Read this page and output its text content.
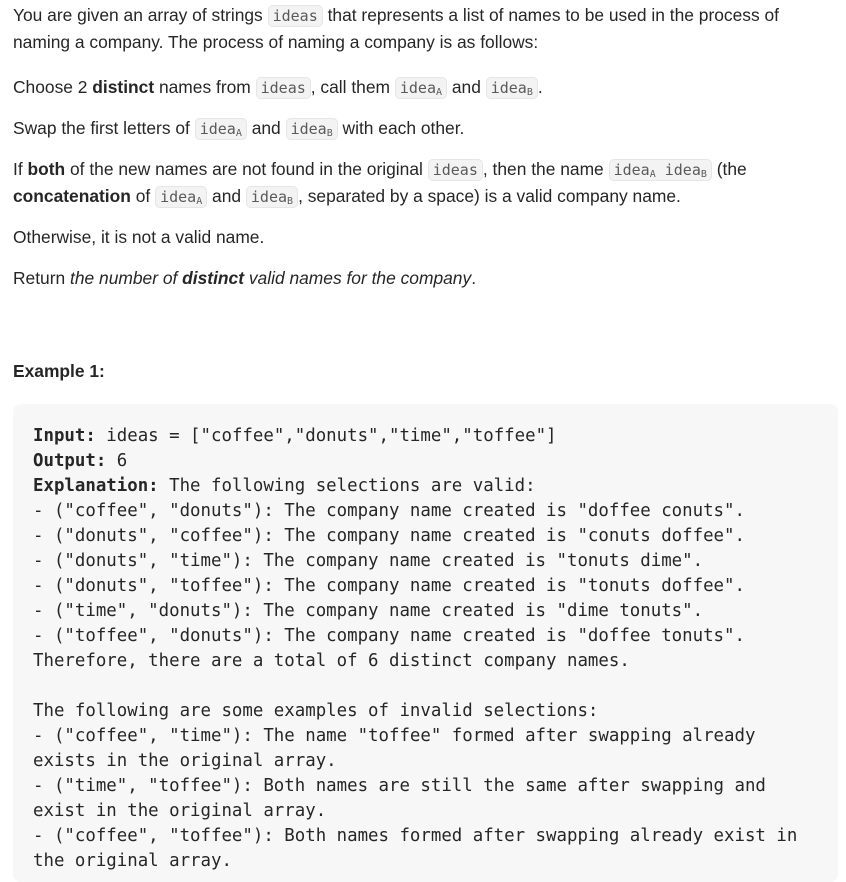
You are given an array of strings ideas that represents a list of names to be used in the process of naming a company. The process of naming a company is as follows:

Choose 2 distinct names from ideas , call them idea$_A$ and idea$_B$ .

Swap the first letters of idea$_A$ and idea$_B$ with each other.

If both of the new names are not found in the original ideas , then the name idea$_A$ idea$_B$ (the concatenation of idea$_A$ and idea$_B$ , separated by a space) is a valid company name.

Otherwise, it is not a valid name.

Return the number of distinct valid names for the company.

Example 1:

Input: ideas = ["coffee","donuts","time","toffee"]
Output: 6
Explanation: The following selections are valid:
- ("coffee", "donuts"): The company name created is "doffee conuts".
- ("donuts", "coffee"): The company name created is "conuts doffee".
- ("donuts", "time"): The company name created is "tonuts dime".
- ("donuts", "toffee"): The company name created is "tonuts doffee".
- ("time", "donuts"): The company name created is "dime tonuts".
- ("toffee", "donuts"): The company name created is "doffee tonuts".
Therefore, there are a total of 6 distinct company names.
The following are some examples of invalid selections:
- ("coffee", "time"): The name "toffee" formed after swapping already
exists in the original array.
- ("time", "toffee"): Both names are still the same after swapping and
exist in the original array.
- ("coffee", "toffee"): Both names formed after swapping already exist in
the original array.
